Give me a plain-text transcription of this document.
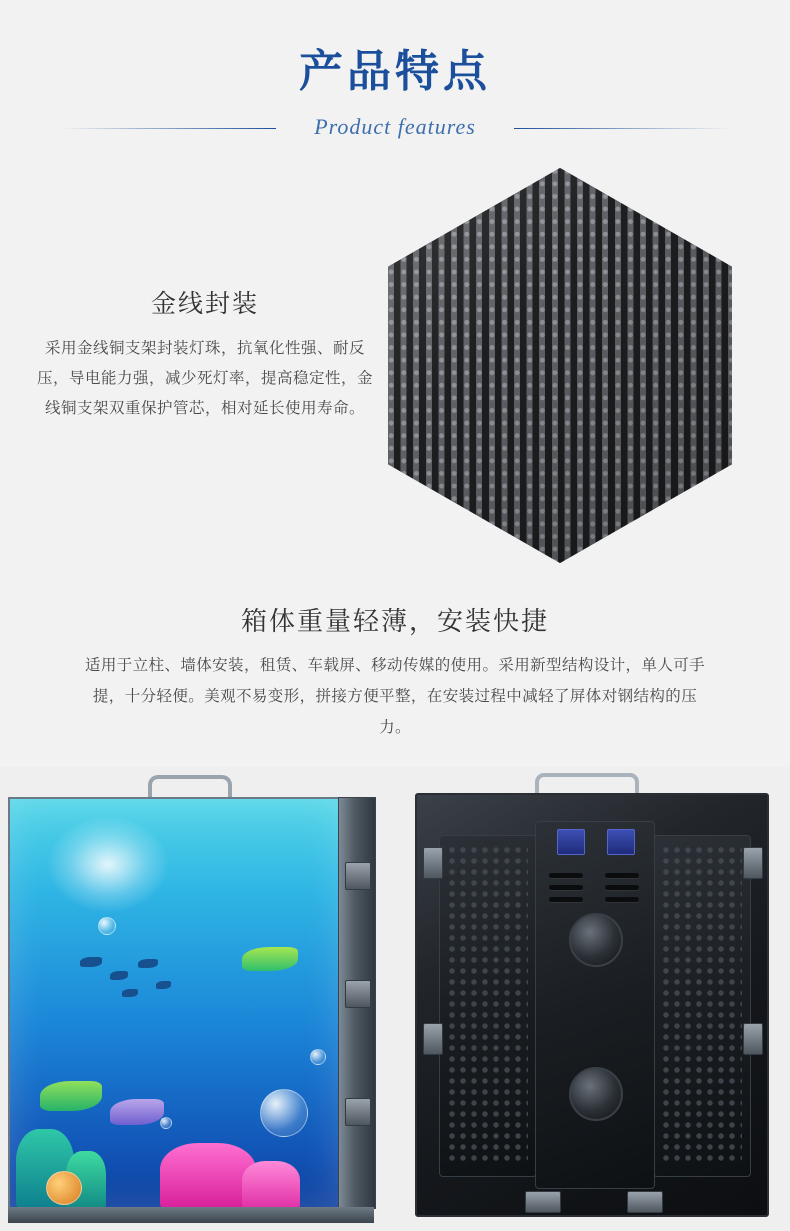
产品特点
Product features
金线封装
采用金线铜支架封装灯珠，抗氧化性强、耐反压，导电能力强，减少死灯率，提高稳定性，金线铜支架双重保护管芯，相对延长使用寿命。
箱体重量轻薄，安装快捷
适用于立柱、墙体安装，租赁、车载屏、移动传媒的使用。采用新型结构设计，单人可手提，十分轻便。美观不易变形，拼接方便平整，在安装过程中减轻了屏体对钢结构的压力。
